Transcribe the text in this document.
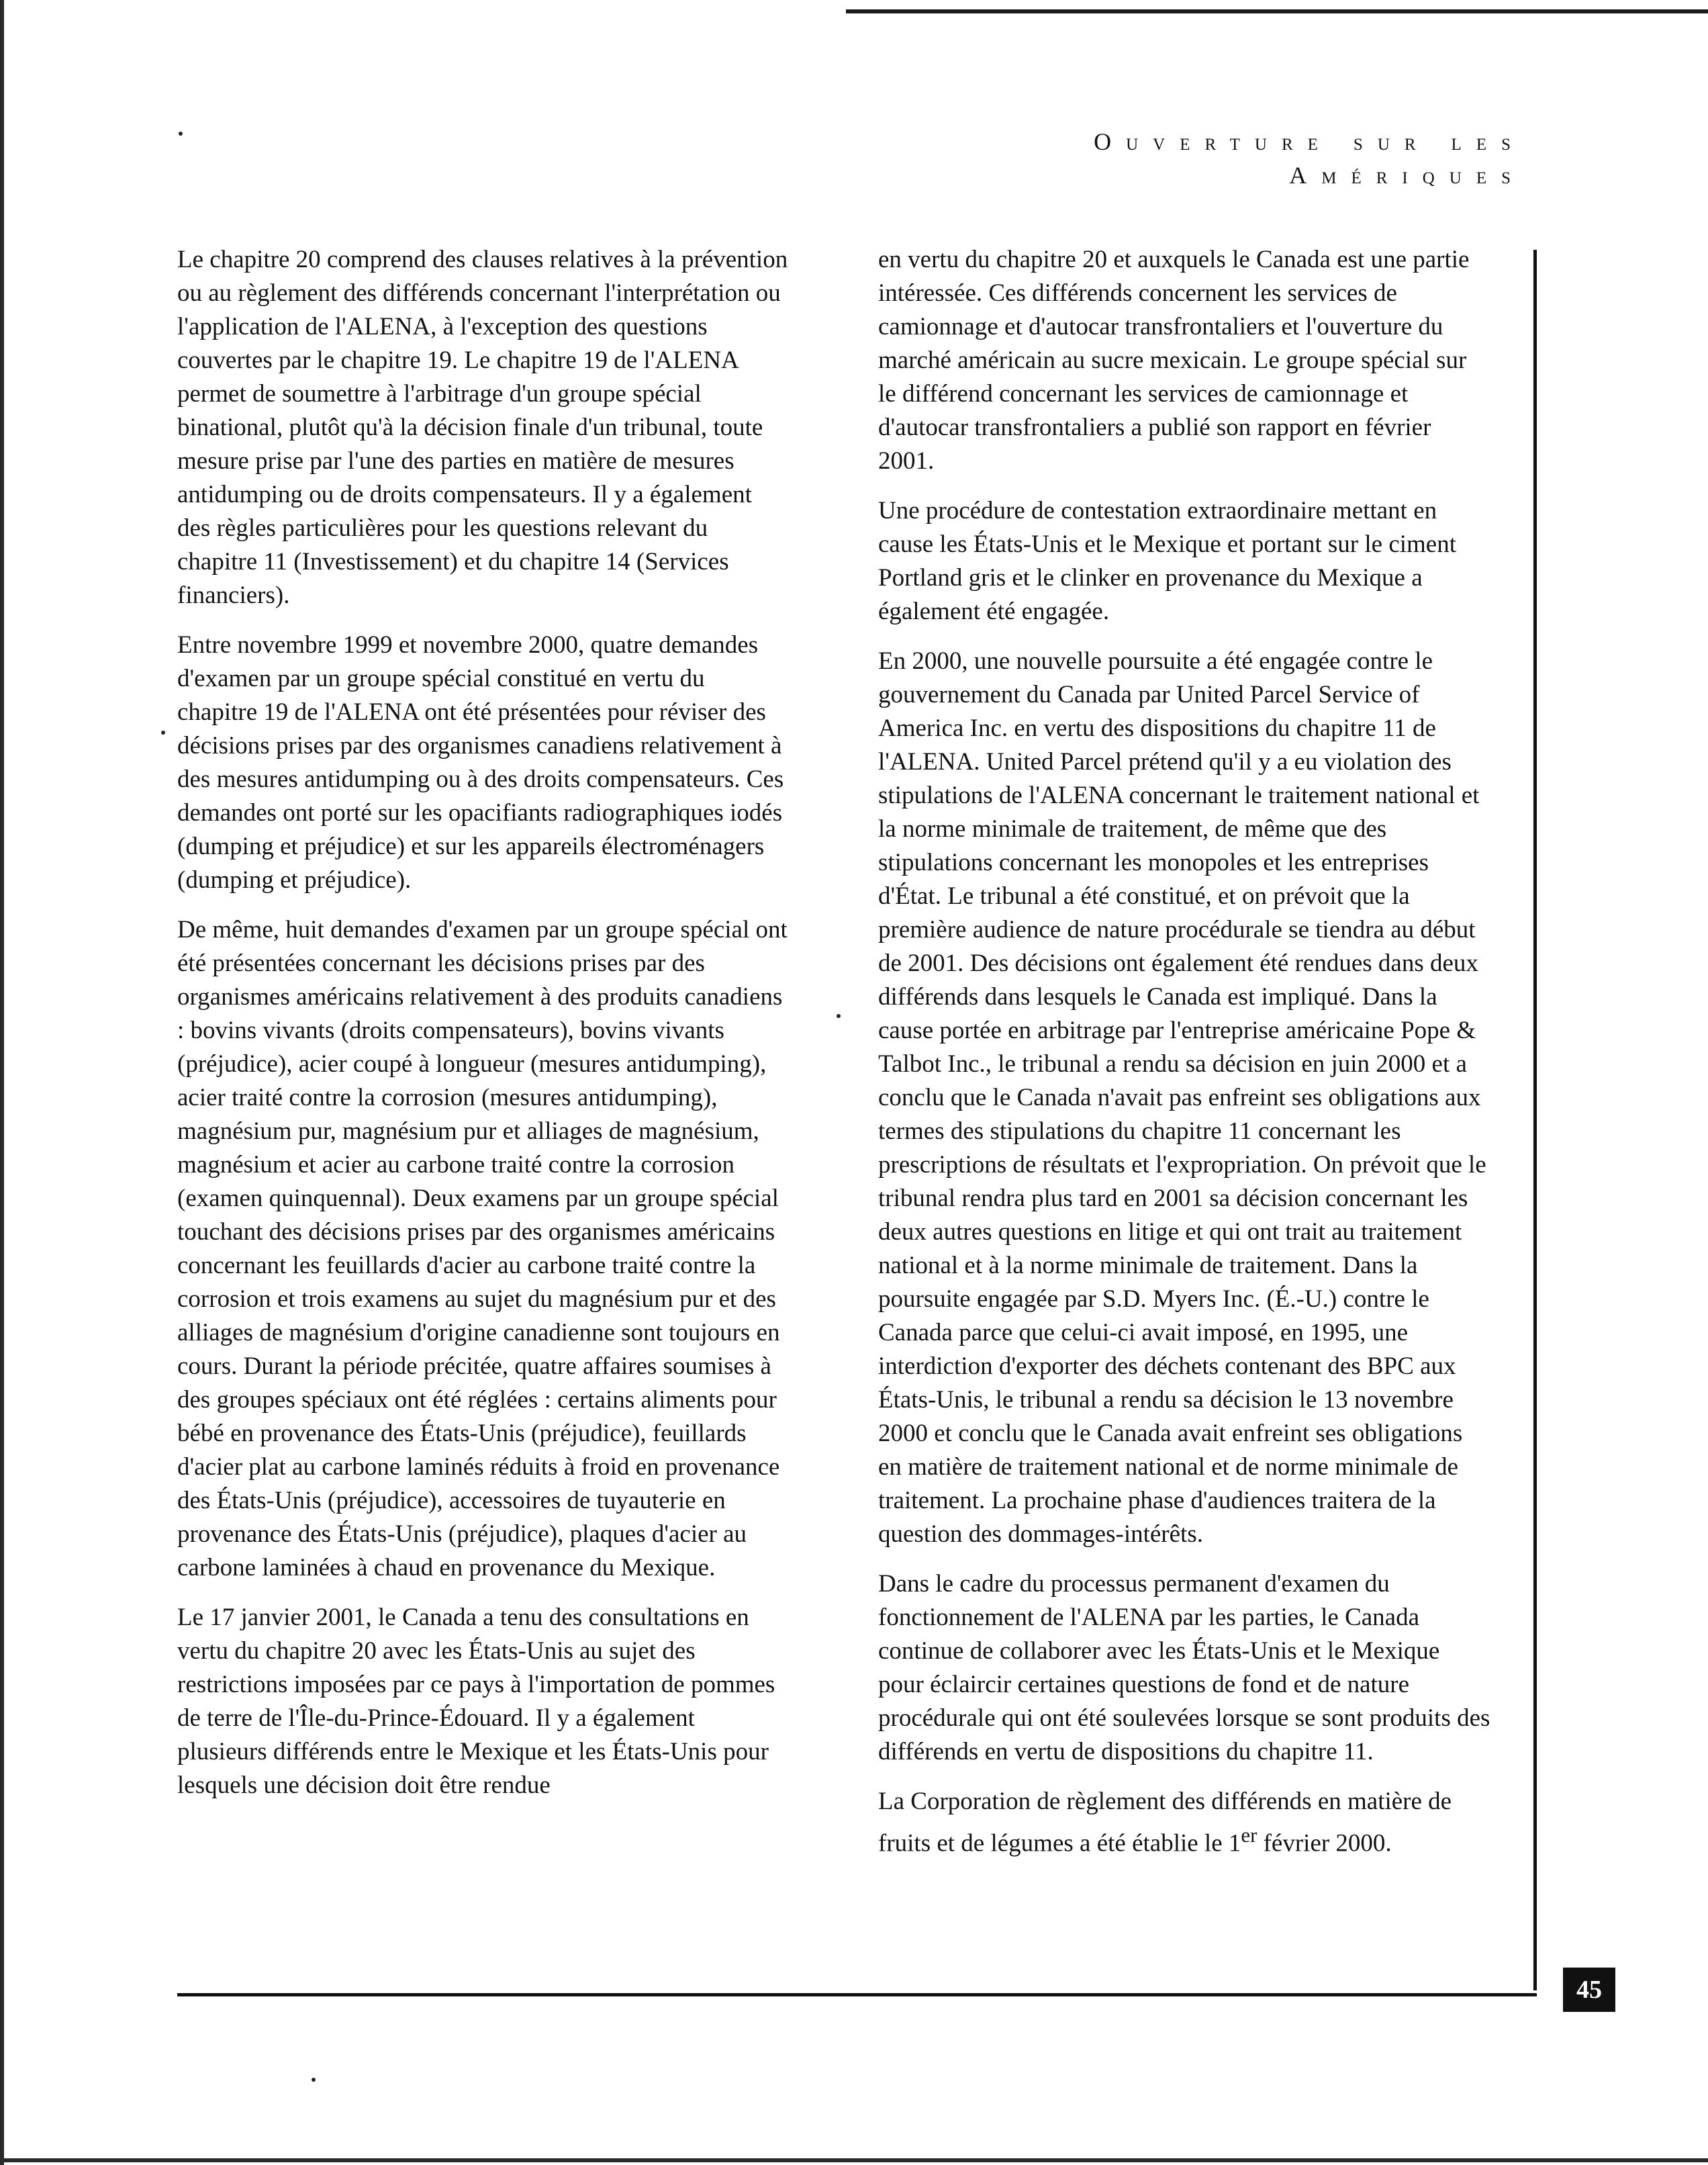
Ouverture sur les
Amériques

Le chapitre 20 comprend des clauses relatives à la prévention ou au règlement des différends concernant l'interprétation ou l'application de l'ALENA, à l'exception des questions couvertes par le chapitre 19. Le chapitre 19 de l'ALENA permet de soumettre à l'arbitrage d'un groupe spécial binational, plutôt qu'à la décision finale d'un tribunal, toute mesure prise par l'une des parties en matière de mesures antidumping ou de droits compensateurs. Il y a également des règles particulières pour les questions relevant du chapitre 11 (Investissement) et du chapitre 14 (Services financiers).

Entre novembre 1999 et novembre 2000, quatre demandes d'examen par un groupe spécial constitué en vertu du chapitre 19 de l'ALENA ont été présentées pour réviser des décisions prises par des organismes canadiens relativement à des mesures antidumping ou à des droits compensateurs. Ces demandes ont porté sur les opacifiants radiographiques iodés (dumping et préjudice) et sur les appareils électroménagers (dumping et préjudice).

De même, huit demandes d'examen par un groupe spécial ont été présentées concernant les décisions prises par des organismes américains relativement à des produits canadiens : bovins vivants (droits compensateurs), bovins vivants (préjudice), acier coupé à longueur (mesures antidumping), acier traité contre la corrosion (mesures antidumping), magnésium pur, magnésium pur et alliages de magnésium, magnésium et acier au carbone traité contre la corrosion (examen quinquennal). Deux examens par un groupe spécial touchant des décisions prises par des organismes américains concernant les feuillards d'acier au carbone traité contre la corrosion et trois examens au sujet du magnésium pur et des alliages de magnésium d'origine canadienne sont toujours en cours. Durant la période précitée, quatre affaires soumises à des groupes spéciaux ont été réglées : certains aliments pour bébé en provenance des États-Unis (préjudice), feuillards d'acier plat au carbone laminés réduits à froid en provenance des États-Unis (préjudice), accessoires de tuyauterie en provenance des États-Unis (préjudice), plaques d'acier au carbone laminées à chaud en provenance du Mexique.

Le 17 janvier 2001, le Canada a tenu des consultations en vertu du chapitre 20 avec les États-Unis au sujet des restrictions imposées par ce pays à l'importation de pommes de terre de l'Île-du-Prince-Édouard. Il y a également plusieurs différends entre le Mexique et les États-Unis pour lesquels une décision doit être rendue

en vertu du chapitre 20 et auxquels le Canada est une partie intéressée. Ces différends concernent les services de camionnage et d'autocar transfrontaliers et l'ouverture du marché américain au sucre mexicain. Le groupe spécial sur le différend concernant les services de camionnage et d'autocar transfrontaliers a publié son rapport en février 2001.

Une procédure de contestation extraordinaire mettant en cause les États-Unis et le Mexique et portant sur le ciment Portland gris et le clinker en provenance du Mexique a également été engagée.

En 2000, une nouvelle poursuite a été engagée contre le gouvernement du Canada par United Parcel Service of America Inc. en vertu des dispositions du chapitre 11 de l'ALENA. United Parcel prétend qu'il y a eu violation des stipulations de l'ALENA concernant le traitement national et la norme minimale de traitement, de même que des stipulations concernant les monopoles et les entreprises d'État. Le tribunal a été constitué, et on prévoit que la première audience de nature procédurale se tiendra au début de 2001. Des décisions ont également été rendues dans deux différends dans lesquels le Canada est impliqué. Dans la cause portée en arbitrage par l'entreprise américaine Pope & Talbot Inc., le tribunal a rendu sa décision en juin 2000 et a conclu que le Canada n'avait pas enfreint ses obligations aux termes des stipulations du chapitre 11 concernant les prescriptions de résultats et l'expropriation. On prévoit que le tribunal rendra plus tard en 2001 sa décision concernant les deux autres questions en litige et qui ont trait au traitement national et à la norme minimale de traitement. Dans la poursuite engagée par S.D. Myers Inc. (É.-U.) contre le Canada parce que celui-ci avait imposé, en 1995, une interdiction d'exporter des déchets contenant des BPC aux États-Unis, le tribunal a rendu sa décision le 13 novembre 2000 et conclu que le Canada avait enfreint ses obligations en matière de traitement national et de norme minimale de traitement. La prochaine phase d'audiences traitera de la question des dommages-intérêts.

Dans le cadre du processus permanent d'examen du fonctionnement de l'ALENA par les parties, le Canada continue de collaborer avec les États-Unis et le Mexique pour éclaircir certaines questions de fond et de nature procédurale qui ont été soulevées lorsque se sont produits des différends en vertu de dispositions du chapitre 11.

La Corporation de règlement des différends en matière de fruits et de légumes a été établie le 1er février 2000.

45
